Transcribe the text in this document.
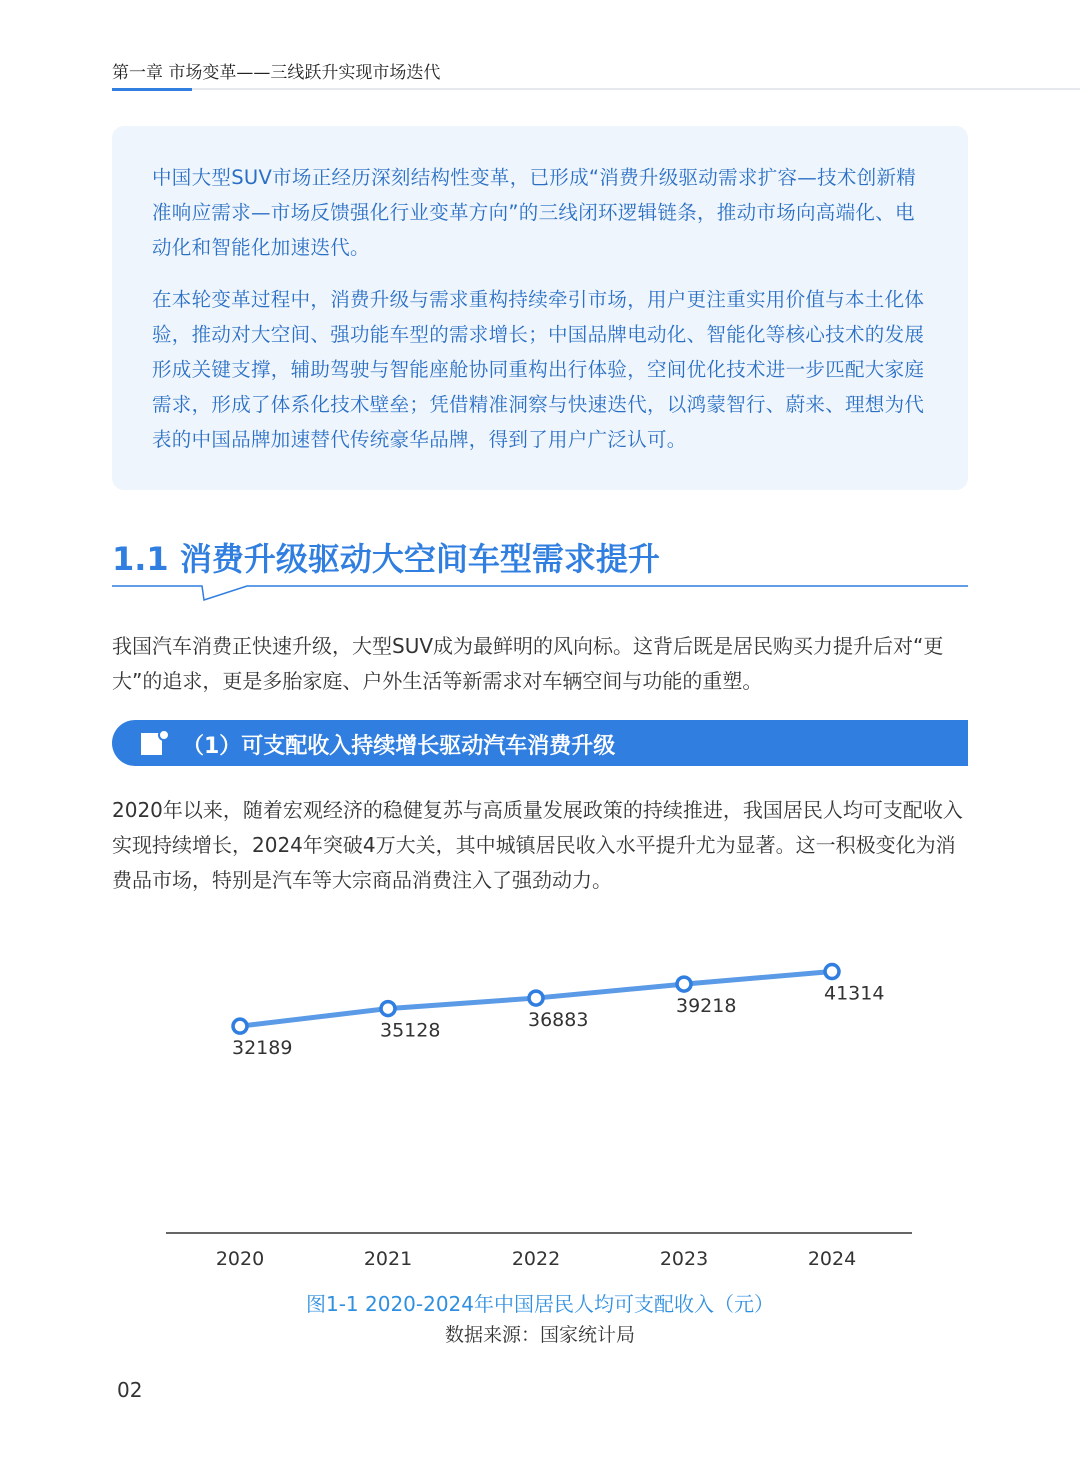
第一章 市场变革——三线跃升实现市场迭代

中国大型SUV市场正经历深刻结构性变革，已形成“消费升级驱动需求扩容—技术创新精准响应需求—市场反馈强化行业变革方向”的三线闭环逻辑链条，推动市场向高端化、电动化和智能化加速迭代。

在本轮变革过程中，消费升级与需求重构持续牵引市场，用户更注重实用价值与本土化体验，推动对大空间、强功能车型的需求增长；中国品牌电动化、智能化等核心技术的发展形成关键支撑，辅助驾驶与智能座舱协同重构出行体验，空间优化技术进一步匹配大家庭需求，形成了体系化技术壁垒；凭借精准洞察与快速迭代，以鸿蒙智行、蔚来、理想为代表的中国品牌加速替代传统豪华品牌，得到了用户广泛认可。

1.1 消费升级驱动大空间车型需求提升

我国汽车消费正快速升级，大型SUV成为最鲜明的风向标。这背后既是居民购买力提升后对“更大”的追求，更是多胎家庭、户外生活等新需求对车辆空间与功能的重塑。

（1）可支配收入持续增长驱动汽车消费升级

2020年以来，随着宏观经济的稳健复苏与高质量发展政策的持续推进，我国居民人均可支配收入实现持续增长，2024年突破4万大关，其中城镇居民收入水平提升尤为显著。这一积极变化为消费品市场，特别是汽车等大宗商品消费注入了强劲动力。

32189
2020
35128
2021
36883
2022
39218
2023
41314
2024
图1-1 2020-2024年中国居民人均可支配收入（元）
数据来源：国家统计局
02
